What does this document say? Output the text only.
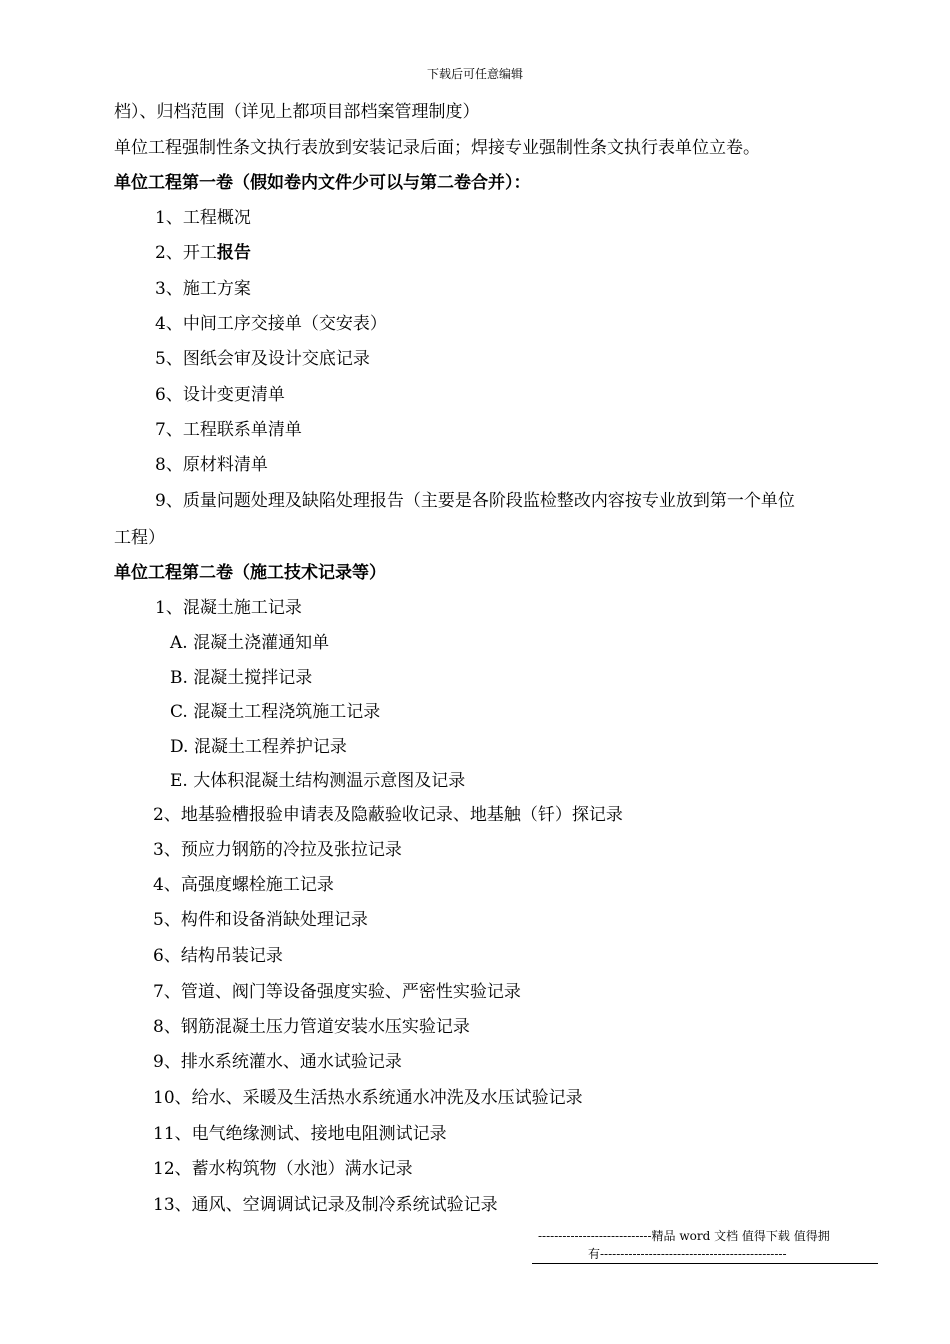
下载后可任意编辑
档）、归档范围（详见上都项目部档案管理制度）
单位工程强制性条文执行表放到安装记录后面；焊接专业强制性条文执行表单位立卷。
单位工程第一卷（假如卷内文件少可以与第二卷合并）：
1、工程概况
2、开工报告
3、施工方案
4、中间工序交接单（交安表）
5、图纸会审及设计交底记录
6、设计变更清单
7、工程联系单清单
8、原材料清单
9、质量问题处理及缺陷处理报告（主要是各阶段监检整改内容按专业放到第一个单位
工程）
单位工程第二卷（施工技术记录等）
1、混凝土施工记录
A. 混凝土浇灌通知单
B. 混凝土搅拌记录
C. 混凝土工程浇筑施工记录
D. 混凝土工程养护记录
E. 大体积混凝土结构测温示意图及记录
2、地基验槽报验申请表及隐蔽验收记录、地基触（钎）探记录
3、预应力钢筋的冷拉及张拉记录
4、高强度螺栓施工记录
5、构件和设备消缺处理记录
6、结构吊装记录
7、管道、阀门等设备强度实验、严密性实验记录
8、钢筋混凝土压力管道安装水压实验记录
9、排水系统灌水、通水试验记录
10、给水、采暖及生活热水系统通水冲洗及水压试验记录
11、电气绝缘测试、接地电阻测试记录
12、蓄水构筑物（水池）满水记录
13、通风、空调调试记录及制冷系统试验记录
----------------------------精品 word 文档 值得下载 值得拥
有----------------------------------------------
